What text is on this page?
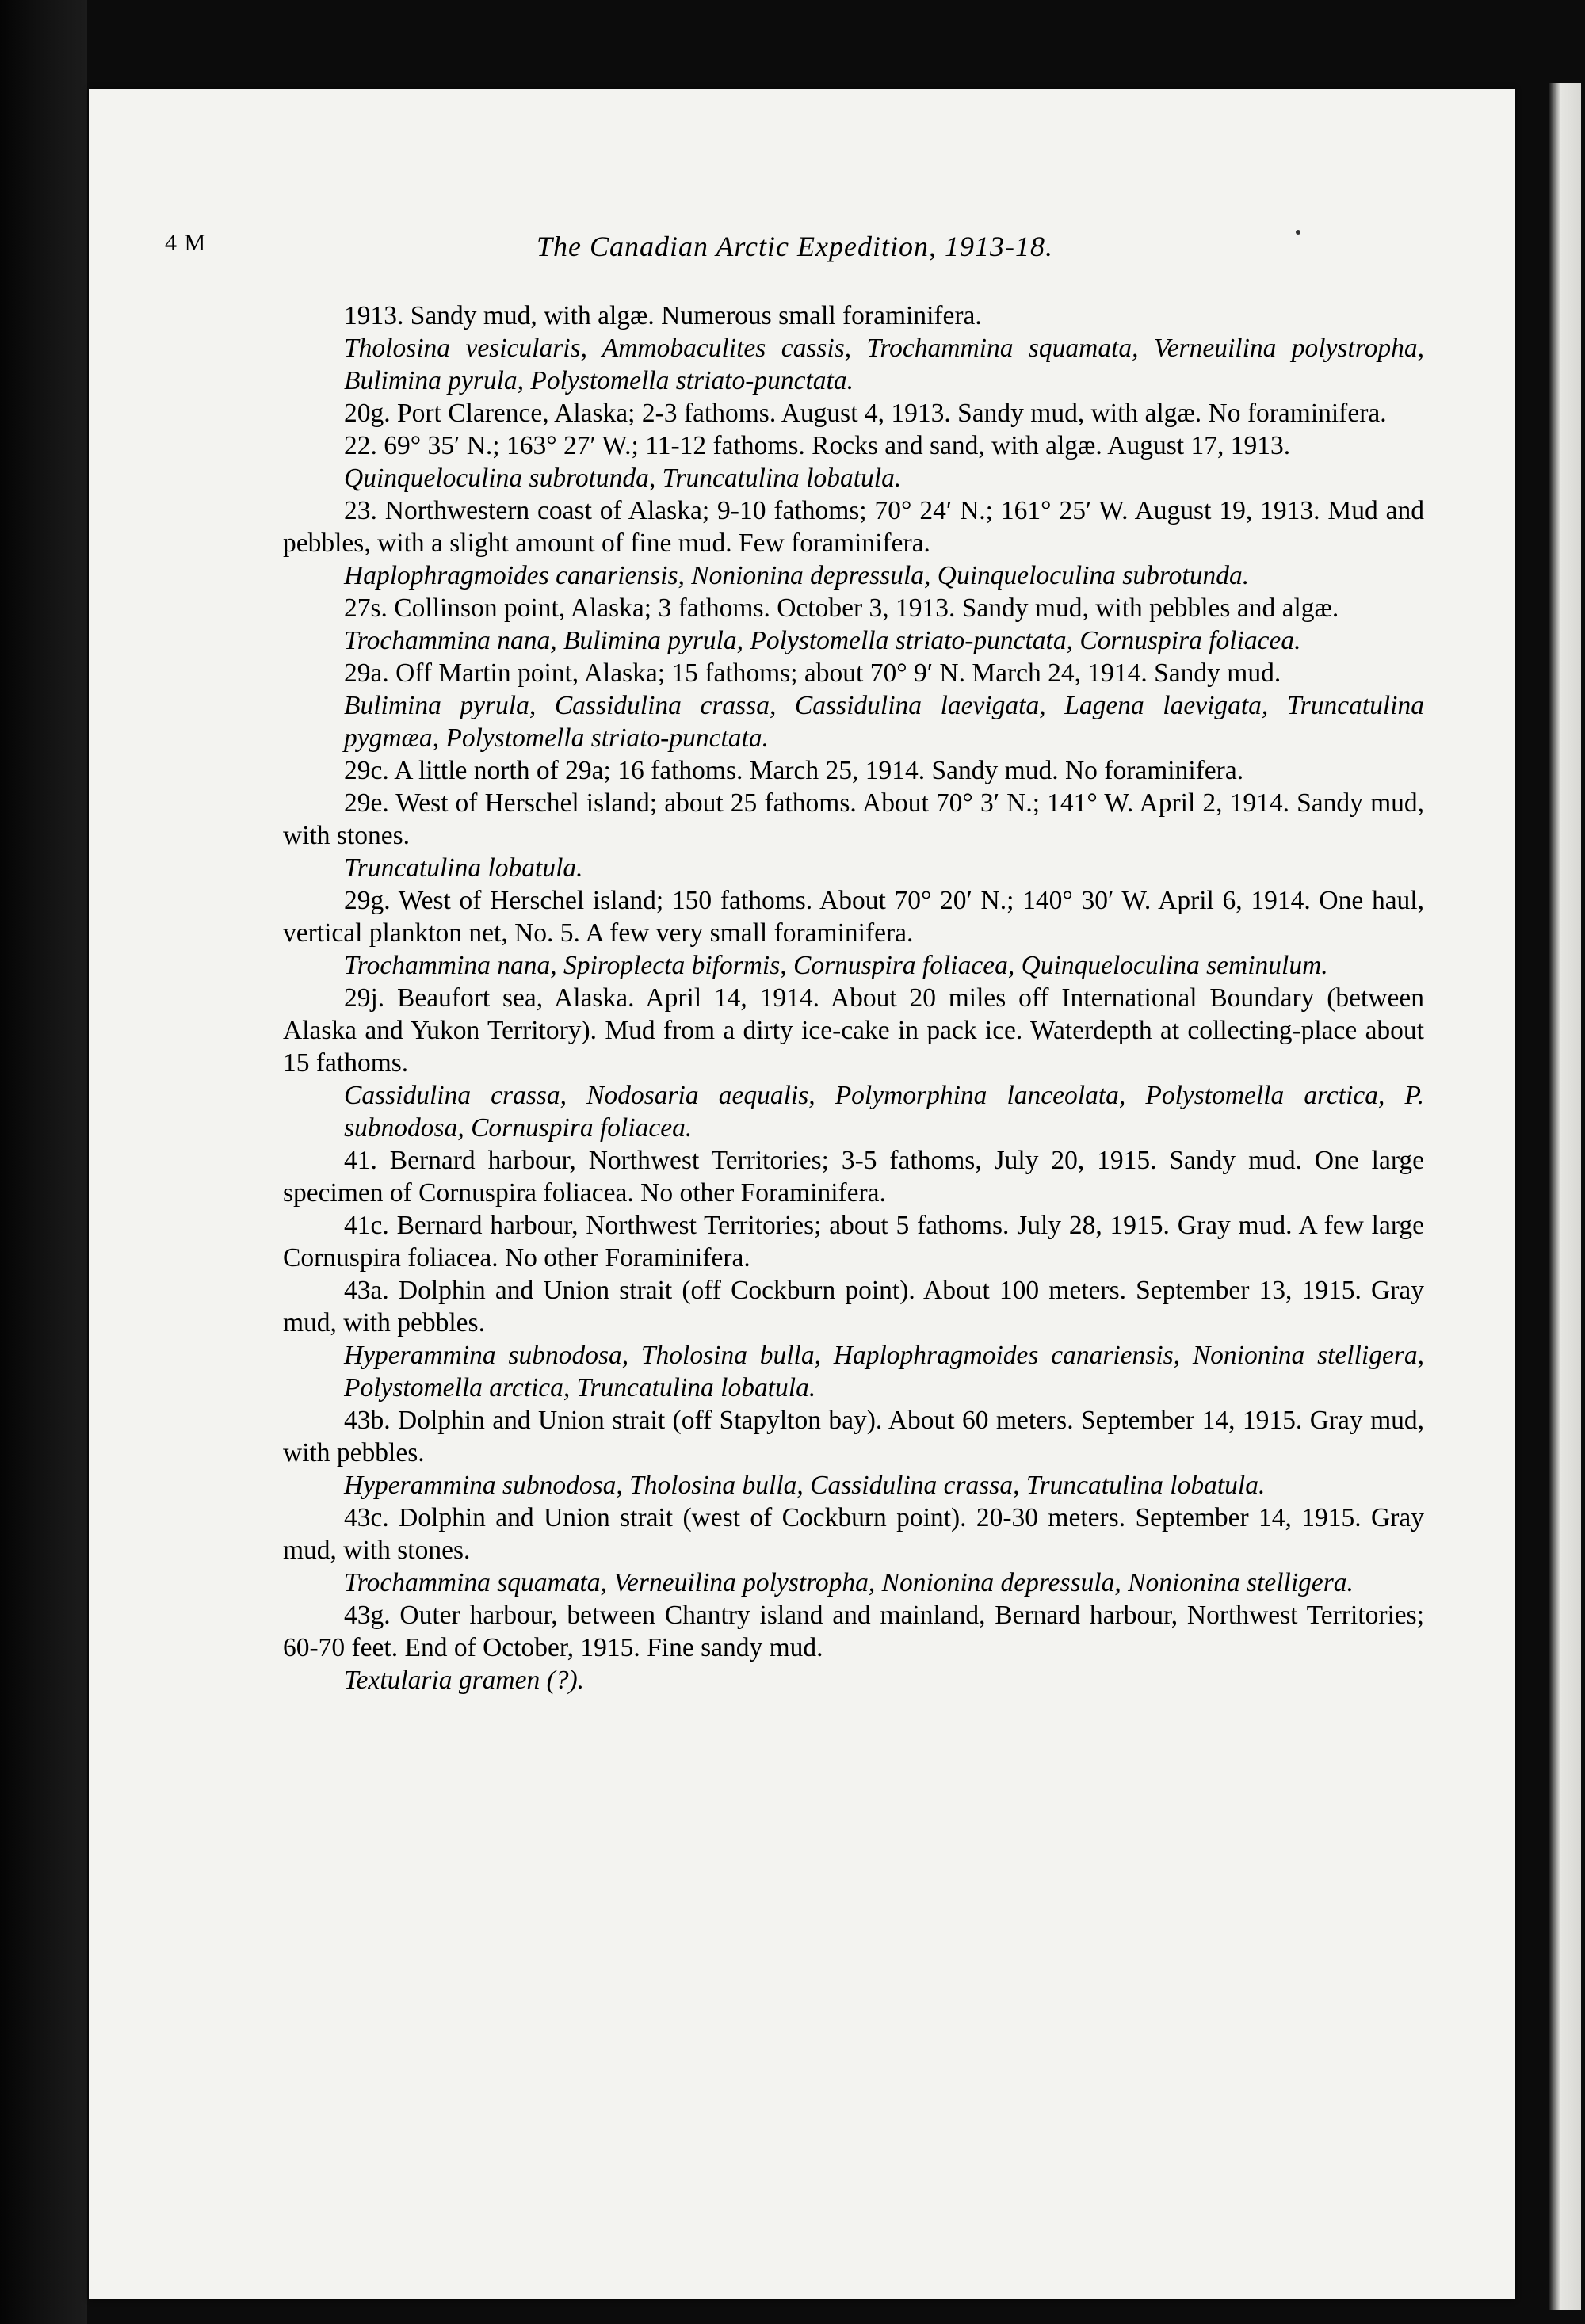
4 M	The Canadian Arctic Expedition, 1913-18.

1913. Sandy mud, with algæ. Numerous small foraminifera.

Tholosina vesicularis, Ammobaculites cassis, Trochammina squamata, Verneuilina polystropha, Bulimina pyrula, Polystomella striato-punctata.

20g. Port Clarence, Alaska; 2-3 fathoms. August 4, 1913. Sandy mud, with algæ. No foraminifera.

22. 69° 35′ N.; 163° 27′ W.; 11-12 fathoms. Rocks and sand, with algæ. August 17, 1913.

Quinqueloculina subrotunda, Truncatulina lobatula.

23. Northwestern coast of Alaska; 9-10 fathoms; 70° 24′ N.; 161° 25′ W. August 19, 1913. Mud and pebbles, with a slight amount of fine mud. Few foraminifera.

Haplophragmoides canariensis, Nonionina depressula, Quinqueloculina subrotunda.

27s. Collinson point, Alaska; 3 fathoms. October 3, 1913. Sandy mud, with pebbles and algæ.

Trochammina nana, Bulimina pyrula, Polystomella striato-punctata, Cornuspira foliacea.

29a. Off Martin point, Alaska; 15 fathoms; about 70° 9′ N. March 24, 1914. Sandy mud.

Bulimina pyrula, Cassidulina crassa, Cassidulina laevigata, Lagena laevigata, Truncatulina pygmæa, Polystomella striato-punctata.

29c. A little north of 29a; 16 fathoms. March 25, 1914. Sandy mud. No foraminifera.

29e. West of Herschel island; about 25 fathoms. About 70° 3′ N.; 141° W. April 2, 1914. Sandy mud, with stones.

Truncatulina lobatula.

29g. West of Herschel island; 150 fathoms. About 70° 20′ N.; 140° 30′ W. April 6, 1914. One haul, vertical plankton net, No. 5. A few very small foraminifera.

Trochammina nana, Spiroplecta biformis, Cornuspira foliacea, Quinqueloculina seminulum.

29j. Beaufort sea, Alaska. April 14, 1914. About 20 miles off International Boundary (between Alaska and Yukon Territory). Mud from a dirty ice-cake in pack ice. Waterdepth at collecting-place about 15 fathoms.

Cassidulina crassa, Nodosaria aequalis, Polymorphina lanceolata, Polystomella arctica, P. subnodosa, Cornuspira foliacea.

41. Bernard harbour, Northwest Territories; 3-5 fathoms, July 20, 1915. Sandy mud. One large specimen of Cornuspira foliacea. No other Foraminifera.

41c. Bernard harbour, Northwest Territories; about 5 fathoms. July 28, 1915. Gray mud. A few large Cornuspira foliacea. No other Foraminifera.

43a. Dolphin and Union strait (off Cockburn point). About 100 meters. September 13, 1915. Gray mud, with pebbles.

Hyperammina subnodosa, Tholosina bulla, Haplophragmoides canariensis, Nonionina stelligera, Polystomella arctica, Truncatulina lobatula.

43b. Dolphin and Union strait (off Stapylton bay). About 60 meters. September 14, 1915. Gray mud, with pebbles.

Hyperammina subnodosa, Tholosina bulla, Cassidulina crassa, Truncatulina lobatula.

43c. Dolphin and Union strait (west of Cockburn point). 20-30 meters. September 14, 1915. Gray mud, with stones.

Trochammina squamata, Verneuilina polystropha, Nonionina depressula, Nonionina stelligera.

43g. Outer harbour, between Chantry island and mainland, Bernard harbour, Northwest Territories; 60-70 feet. End of October, 1915. Fine sandy mud.

Textularia gramen (?).
